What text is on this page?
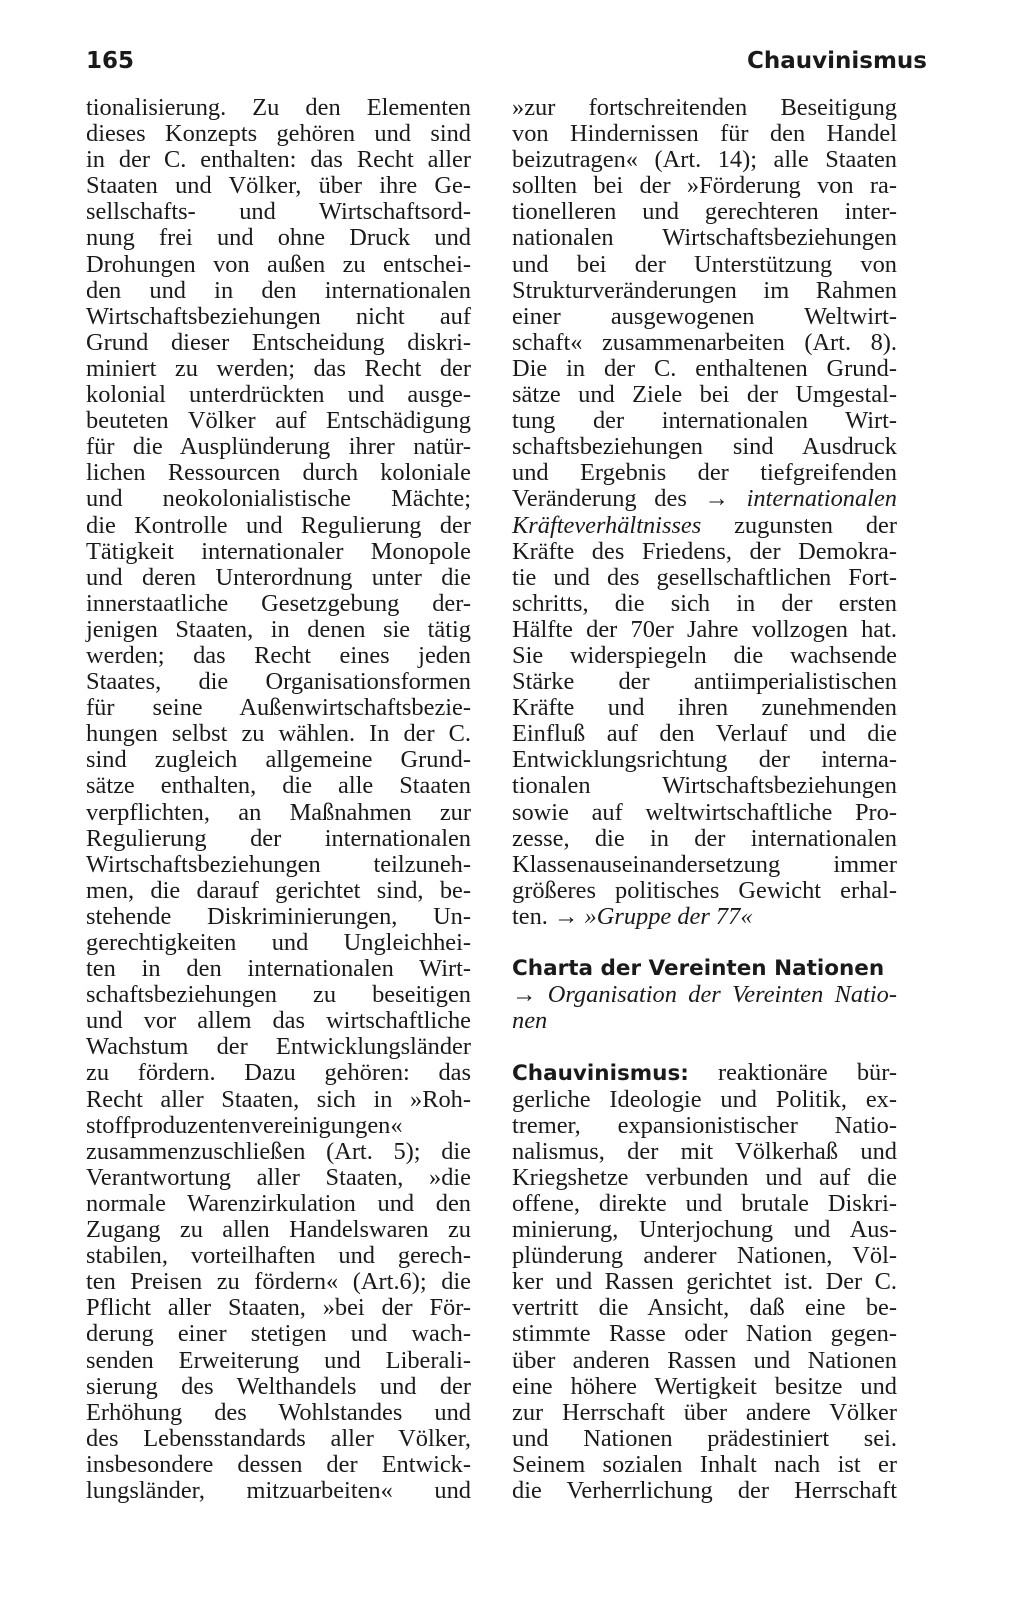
165	Chauvinismus
tionalisierung. Zu den Elementen
dieses Konzepts gehören und sind
in der C. enthalten: das Recht aller
Staaten und Völker, über ihre Ge-
sellschafts- und Wirtschaftsord-
nung frei und ohne Druck und
Drohungen von außen zu entschei-
den und in den internationalen
Wirtschaftsbeziehungen nicht auf
Grund dieser Entscheidung diskri-
miniert zu werden; das Recht der
kolonial unterdrückten und ausge-
beuteten Völker auf Entschädigung
für die Ausplünderung ihrer natür-
lichen Ressourcen durch koloniale
und neokolonialistische Mächte;
die Kontrolle und Regulierung der
Tätigkeit internationaler Monopole
und deren Unterordnung unter die
innerstaatliche Gesetzgebung der-
jenigen Staaten, in denen sie tätig
werden; das Recht eines jeden
Staates, die Organisationsformen
für seine Außenwirtschaftsbezie-
hungen selbst zu wählen. In der C.
sind zugleich allgemeine Grund-
sätze enthalten, die alle Staaten
verpflichten, an Maßnahmen zur
Regulierung der internationalen
Wirtschaftsbeziehungen teilzuneh-
men, die darauf gerichtet sind, be-
stehende Diskriminierungen, Un-
gerechtigkeiten und Ungleichhei-
ten in den internationalen Wirt-
schaftsbeziehungen zu beseitigen
und vor allem das wirtschaftliche
Wachstum der Entwicklungsländer
zu fördern. Dazu gehören: das
Recht aller Staaten, sich in »Roh-
stoffproduzentenvereinigungen«
zusammenzuschließen (Art. 5); die
Verantwortung aller Staaten, »die
normale Warenzirkulation und den
Zugang zu allen Handelswaren zu
stabilen, vorteilhaften und gerech-
ten Preisen zu fördern« (Art.6); die
Pflicht aller Staaten, »bei der För-
derung einer stetigen und wach-
senden Erweiterung und Liberali-
sierung des Welthandels und der
Erhöhung des Wohlstandes und
des Lebensstandards aller Völker,
insbesondere dessen der Entwick-
lungsländer, mitzuarbeiten« und
»zur fortschreitenden Beseitigung
von Hindernissen für den Handel
beizutragen« (Art. 14); alle Staaten
sollten bei der »Förderung von ra-
tionelleren und gerechteren inter-
nationalen Wirtschaftsbeziehungen
und bei der Unterstützung von
Strukturveränderungen im Rahmen
einer ausgewogenen Weltwirt-
schaft« zusammenarbeiten (Art. 8).
Die in der C. enthaltenen Grund-
sätze und Ziele bei der Umgestal-
tung der internationalen Wirt-
schaftsbeziehungen sind Ausdruck
und Ergebnis der tiefgreifenden
Veränderung des → internationalen
Kräfteverhältnisses zugunsten der
Kräfte des Friedens, der Demokra-
tie und des gesellschaftlichen Fort-
schritts, die sich in der ersten
Hälfte der 70er Jahre vollzogen hat.
Sie widerspiegeln die wachsende
Stärke der antiimperialistischen
Kräfte und ihren zunehmenden
Einfluß auf den Verlauf und die
Entwicklungsrichtung der interna-
tionalen Wirtschaftsbeziehungen
sowie auf weltwirtschaftliche Pro-
zesse, die in der internationalen
Klassenauseinandersetzung immer
größeres politisches Gewicht erhal-
ten. → »Gruppe der 77«
Charta der Vereinten Nationen
→ Organisation der Vereinten Natio-
nen
Chauvinismus: reaktionäre bür-
gerliche Ideologie und Politik, ex-
tremer, expansionistischer Natio-
nalismus, der mit Völkerhaß und
Kriegshetze verbunden und auf die
offene, direkte und brutale Diskri-
minierung, Unterjochung und Aus-
plünderung anderer Nationen, Völ-
ker und Rassen gerichtet ist. Der C.
vertritt die Ansicht, daß eine be-
stimmte Rasse oder Nation gegen-
über anderen Rassen und Nationen
eine höhere Wertigkeit besitze und
zur Herrschaft über andere Völker
und Nationen prädestiniert sei.
Seinem sozialen Inhalt nach ist er
die Verherrlichung der Herrschaft
